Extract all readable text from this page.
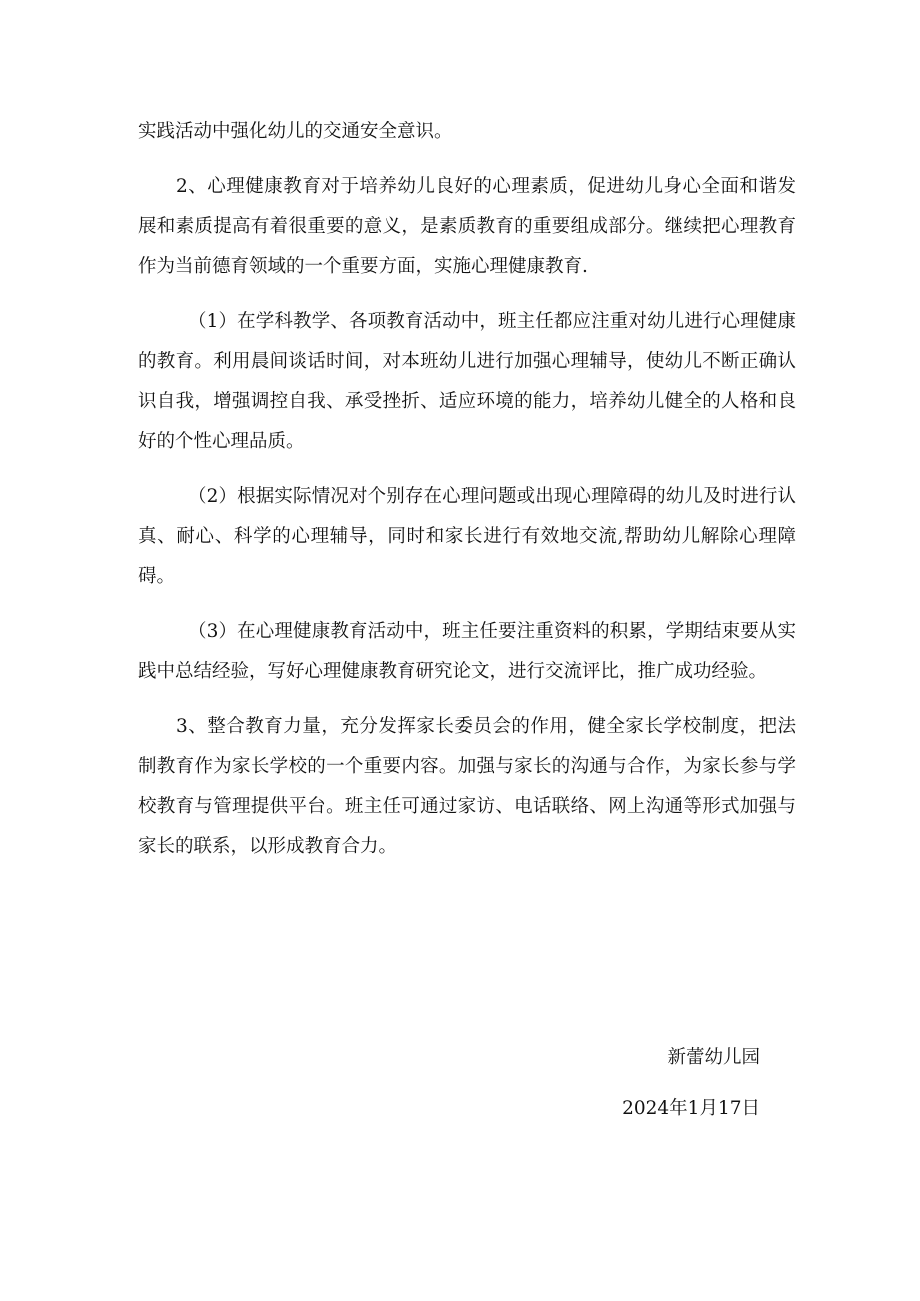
实践活动中强化幼儿的交通安全意识。

2、心理健康教育对于培养幼儿良好的心理素质，促进幼儿身心全面和谐发展和素质提高有着很重要的意义，是素质教育的重要组成部分。继续把心理教育作为当前德育领域的一个重要方面，实施心理健康教育.

（1）在学科教学、各项教育活动中，班主任都应注重对幼儿进行心理健康的教育。利用晨间谈话时间，对本班幼儿进行加强心理辅导，使幼儿不断正确认识自我，增强调控自我、承受挫折、适应环境的能力，培养幼儿健全的人格和良好的个性心理品质。

（2）根据实际情况对个别存在心理问题或出现心理障碍的幼儿及时进行认真、耐心、科学的心理辅导，同时和家长进行有效地交流,帮助幼儿解除心理障碍。

（3）在心理健康教育活动中，班主任要注重资料的积累，学期结束要从实践中总结经验，写好心理健康教育研究论文，进行交流评比，推广成功经验。

3、整合教育力量，充分发挥家长委员会的作用，健全家长学校制度，把法制教育作为家长学校的一个重要内容。加强与家长的沟通与合作，为家长参与学校教育与管理提供平台。班主任可通过家访、电话联络、网上沟通等形式加强与家长的联系，以形成教育合力。

新蕾幼儿园
2024年1月17日
